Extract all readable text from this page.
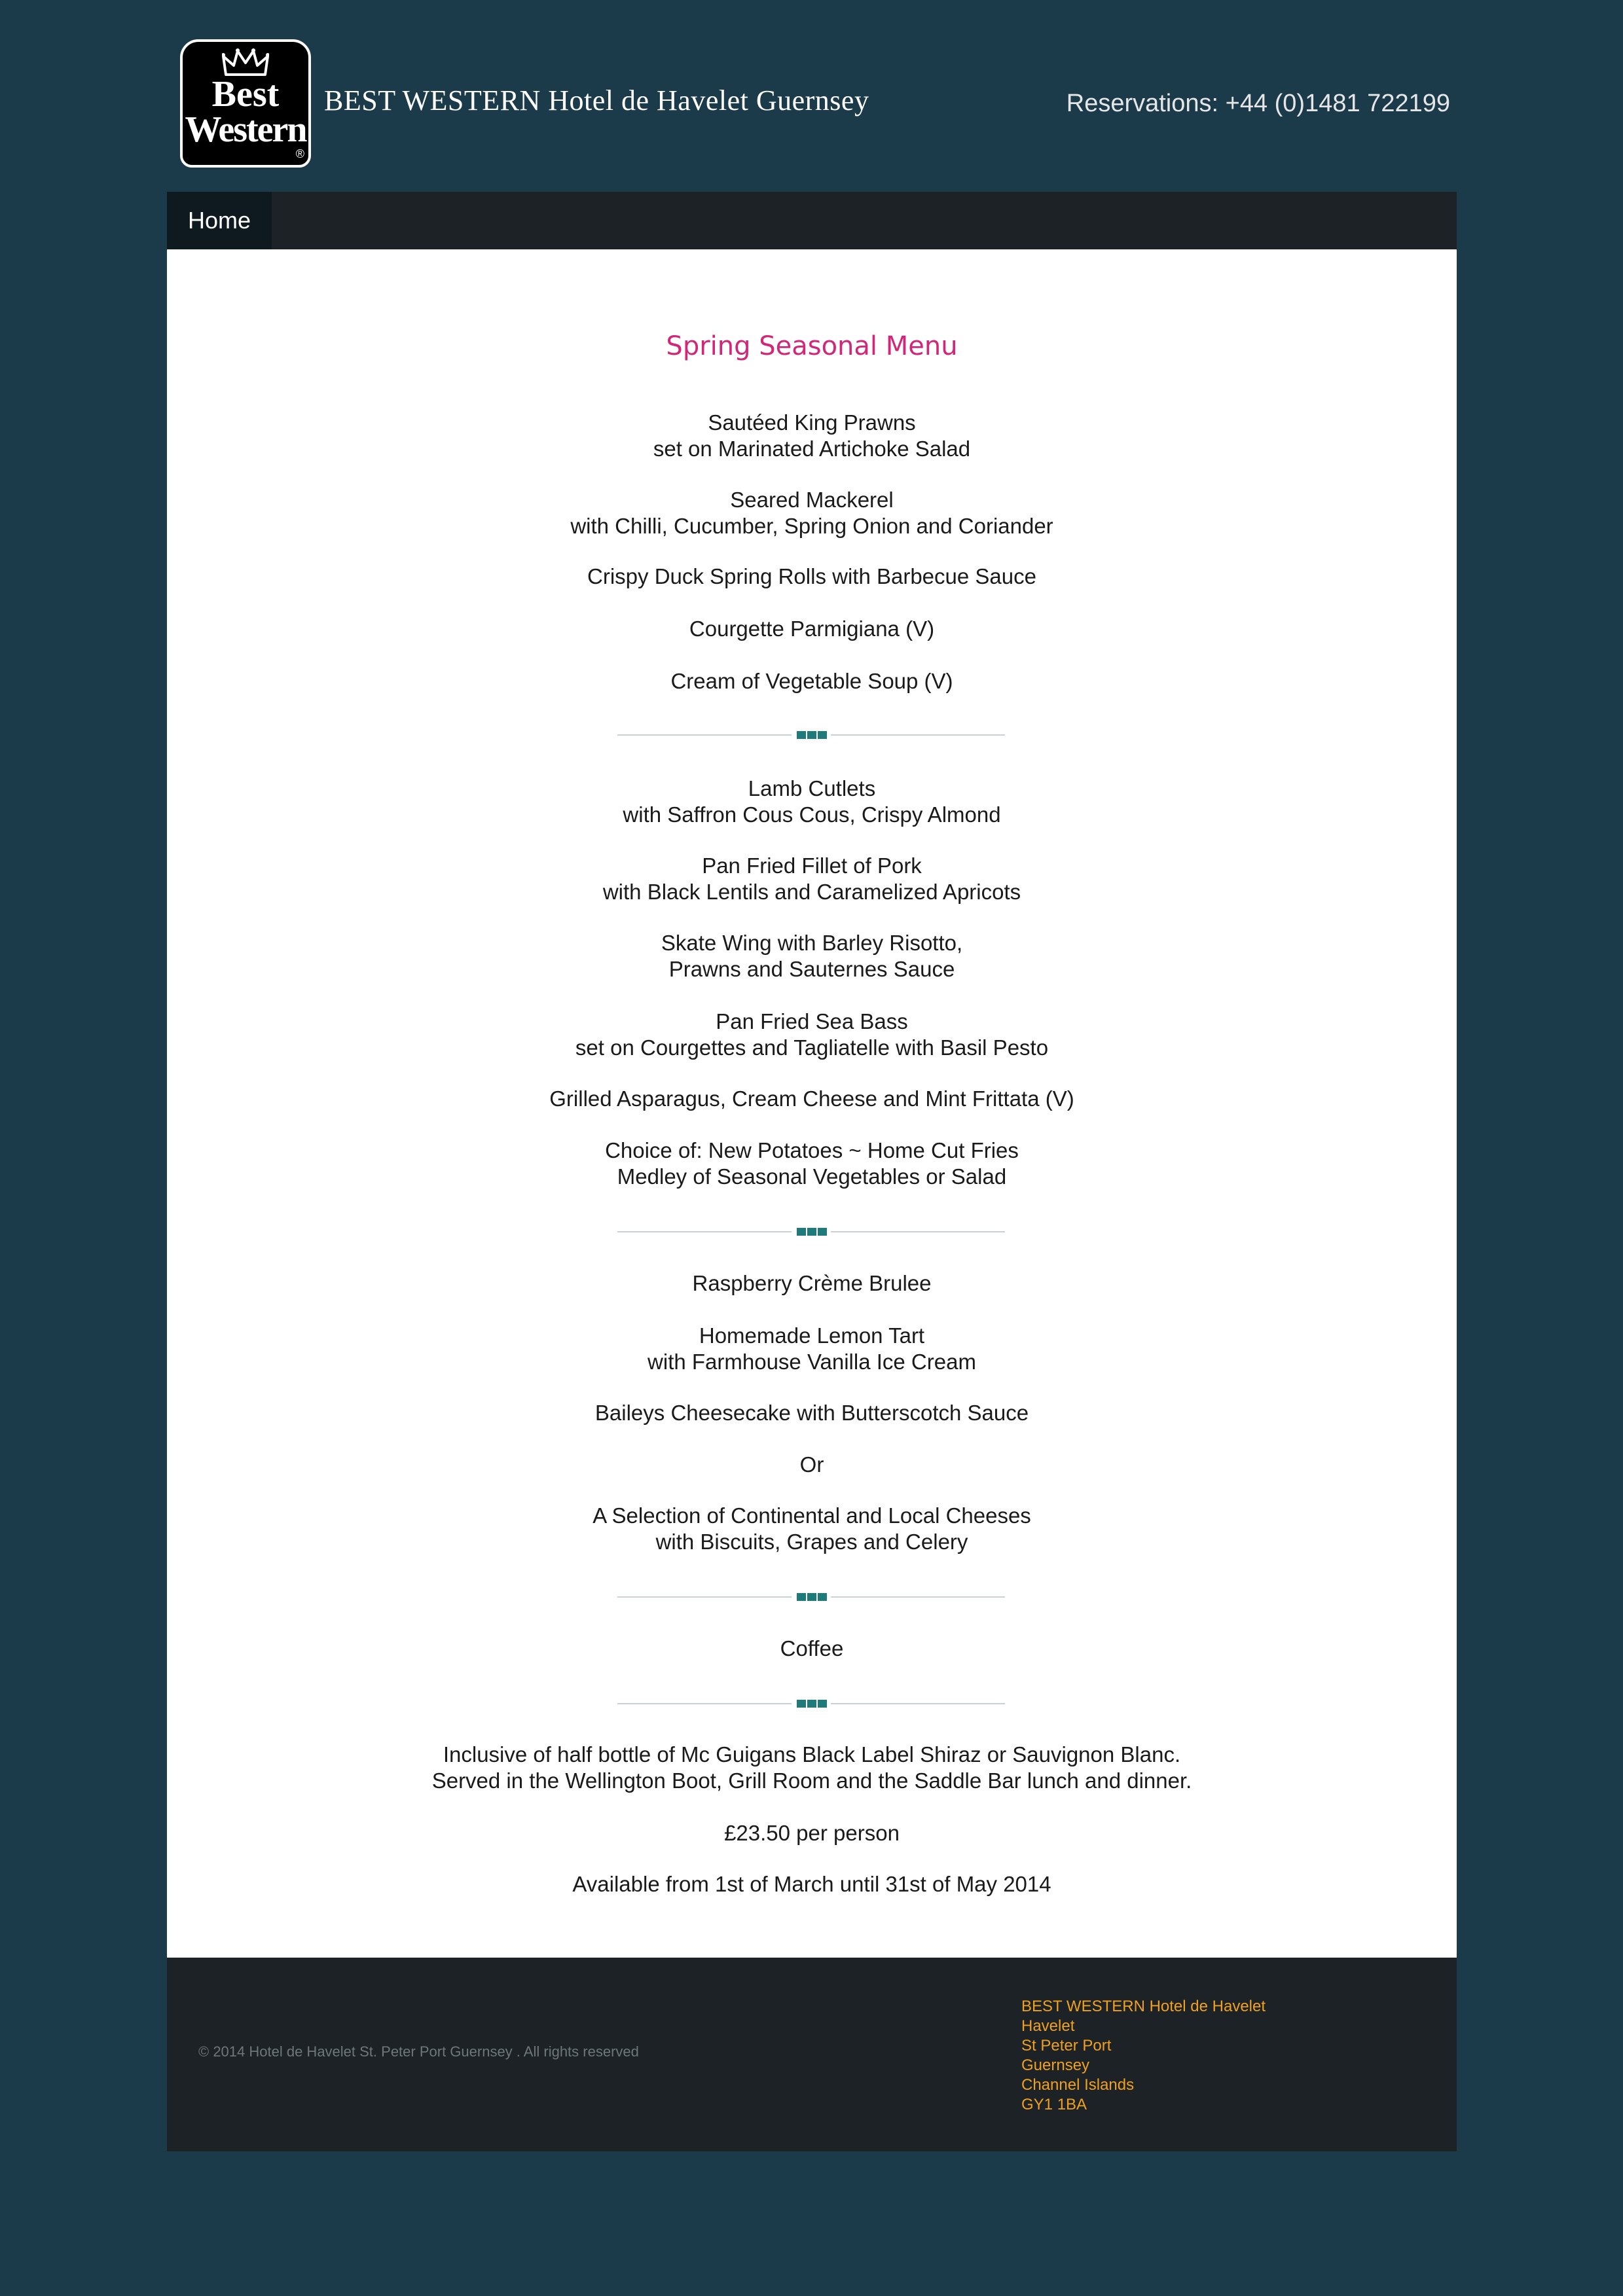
Best
Western
®
BEST WESTERN Hotel de Havelet Guernsey	Reservations: +44 (0)1481 722199
Home
Spring Seasonal Menu
Sautéed King Prawns
set on Marinated Artichoke Salad
Seared Mackerel
with Chilli, Cucumber, Spring Onion and Coriander
Crispy Duck Spring Rolls with Barbecue Sauce
Courgette Parmigiana (V)
Cream of Vegetable Soup (V)
Lamb Cutlets
with Saffron Cous Cous, Crispy Almond
Pan Fried Fillet of Pork
with Black Lentils and Caramelized Apricots
Skate Wing with Barley Risotto,
Prawns and Sauternes Sauce
Pan Fried Sea Bass
set on Courgettes and Tagliatelle with Basil Pesto
Grilled Asparagus, Cream Cheese and Mint Frittata (V)
Choice of: New Potatoes ~ Home Cut Fries
Medley of Seasonal Vegetables or Salad
Raspberry Crème Brulee
Homemade Lemon Tart
with Farmhouse Vanilla Ice Cream
Baileys Cheesecake with Butterscotch Sauce
Or
A Selection of Continental and Local Cheeses
with Biscuits, Grapes and Celery
Coffee
Inclusive of half bottle of Mc Guigans Black Label Shiraz or Sauvignon Blanc.
Served in the Wellington Boot, Grill Room and the Saddle Bar lunch and dinner.
£23.50 per person
Available from 1st of March until 31st of May 2014
© 2014 Hotel de Havelet St. Peter Port Guernsey . All rights reserved
BEST WESTERN Hotel de Havelet
Havelet
St Peter Port
Guernsey
Channel Islands
GY1 1BA
